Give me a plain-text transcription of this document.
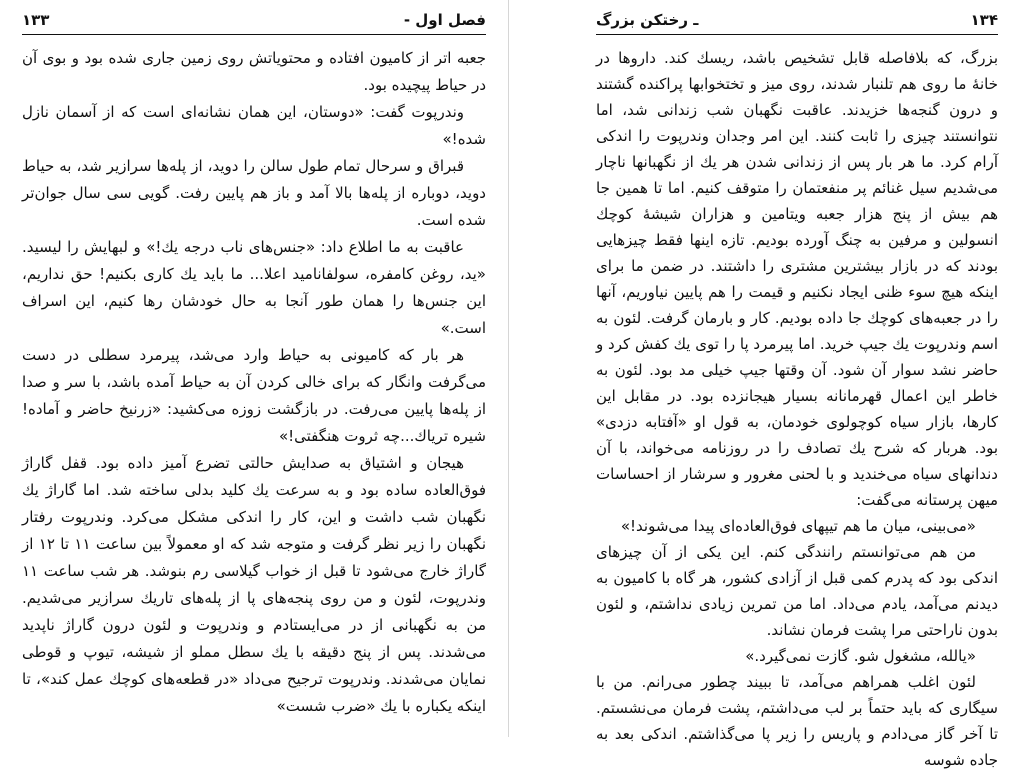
فصل اول -
۱۳۳

جعبه اتر از کامیون افتاده و محتویاتش روی زمین جاری شده بود و بوی آن در حیاط پیچیده بود.

وندرپوت گفت: «دوستان، این همان نشانه‌ای است که از آسمان نازل شده!»

قبراق و سرحال تمام طول سالن را دوید، از پله‌ها سرازیر شد، به حیاط دوید، دوباره از پله‌ها بالا آمد و باز هم پایین رفت. گویی سی سال جوان‌تر شده است.

عاقبت به ما اطلاع داد: «جنس‌های ناب درجه یك!» و لبهایش را لیسید. «ید، روغن کامفره، سولفانامید اعلا... ما باید یك كاری بكنیم! حق نداریم، این جنس‌ها را همان طور آنجا به حال خودشان رها كنیم، این اسراف است.»

هر بار كه كامیونی به حیاط وارد می‌شد، پیرمرد سطلی در دست می‌گرفت وانگار كه برای خالی كردن آن به حیاط آمده باشد، با سر و صدا از پله‌ها پایین می‌رفت. در بازگشت زوزه می‌كشید: «زرنیخ حاضر و آماده! شیره تریاك...چه ثروت هنگفتی!»

هیجان و اشتیاق به صدایش حالتی تضرع آمیز داده بود. قفل گاراژ فوق‌العاده ساده بود و به سرعت یك كلید بدلی ساخته شد. اما گاراژ یك نگهبان شب داشت و این، كار را اندكی مشكل می‌كرد. وندرپوت رفتار نگهبان را زیر نظر گرفت و متوجه شد كه او معمولاً بین ساعت ۱۱ تا ۱۲ از گاراژ خارج می‌شود تا قبل از خواب گیلاسی رم بنوشد. هر شب ساعت ۱۱ وندرپوت، لئون و من روی پنجه‌های پا از پله‌های تاریك سرازیر می‌شدیم. من به نگهبانی از در می‌ایستادم و وندرپوت و لئون درون گاراژ ناپدید می‌شدند. پس از پنج دقیقه با یك سطل مملو از شیشه، تیوپ و قوطی نمایان می‌شدند. وندرپوت ترجیح می‌داد «در قطعه‌های كوچك عمل كند»، تا اینكه یكباره با یك «ضرب شست»

۱۳۴
ـ رختكن بزرگ

بزرگ، كه بلافاصله قابل تشخیص باشد، ریسك كند. داروها در خانهٔ ما روی هم تلنبار شدند، روی میز و تختخوابها پراكنده گشتند و درون گنجه‌ها خزیدند. عاقبت نگهبان شب زندانی شد، اما نتوانستند چیزی را ثابت كنند. این امر وجدان وندرپوت را اندكی آرام كرد. ما هر بار پس از زندانی شدن هر یك از نگهبانها ناچار می‌شدیم سیل غنائم پر منفعتمان را متوقف كنیم. اما تا همین جا هم بیش از پنج هزار جعبه ویتامین و هزاران شیشهٔ كوچك انسولین و مرفین به چنگ آورده بودیم. تازه اینها فقط چیزهایی بودند كه در بازار بیشترین مشتری را داشتند. در ضمن ما برای اینكه هیچ سوء ظنی ایجاد نكنیم و قیمت را هم پایین نیاوریم، آنها را در جعبه‌های كوچك جا داده بودیم. كار و بارمان گرفت. لئون به اسم وندرپوت یك جیپ خرید. اما پیرمرد پا را توی یك كفش كرد و حاضر نشد سوار آن شود. آن وقتها جیپ خیلی مد بود. لئون به خاطر این اعمال قهرمانانه بسیار هیجانزده بود. در مقابل این كارها، بازار سیاه كوچولوی خودمان، به قول او «آفتابه دزدی» بود. هربار كه شرح یك تصادف را در روزنامه می‌خواند، با آن دندانهای سیاه می‌خندید و با لحنی مغرور و سرشار از احساسات میهن پرستانه می‌گفت:

«می‌بینی، میان ما هم تیپهای فوق‌العاده‌ای پیدا می‌شوند!»

من هم می‌توانستم رانندگی كنم. این یكی از آن چیزهای اندكی بود كه پدرم كمی قبل از آزادی كشور، هر گاه با كامیون به دیدنم می‌آمد، یادم می‌داد. اما من تمرین زیادی نداشتم، و لئون بدون ناراحتی مرا پشت فرمان نشاند.

«یالله، مشغول شو. گازت نمی‌گیرد.»

لئون اغلب همراهم می‌آمد، تا ببیند چطور می‌رانم. من با سیگاری كه باید حتماً بر لب می‌داشتم، پشت فرمان می‌نشستم. تا آخر گاز می‌دادم و پاریس را زیر پا می‌گذاشتم. اندكی بعد به جاده شوسه
